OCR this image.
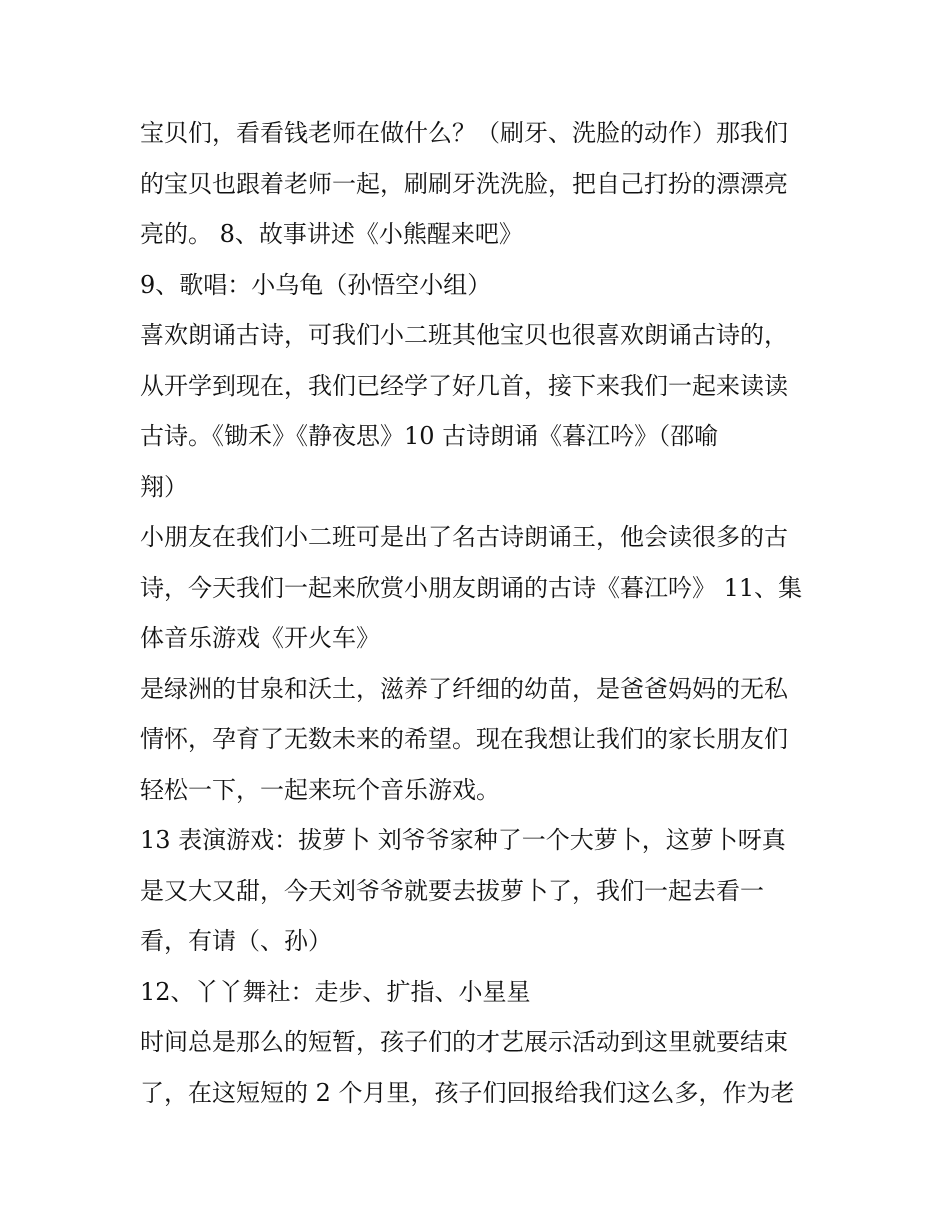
宝贝们，看看钱老师在做什么？（刷牙、洗脸的动作）那我们
的宝贝也跟着老师一起，刷刷牙洗洗脸，把自己打扮的漂漂亮
亮的。 8、故事讲述《小熊醒来吧》

9、歌唱：小乌龟（孙悟空小组）

喜欢朗诵古诗，可我们小二班其他宝贝也很喜欢朗诵古诗的，
从开学到现在，我们已经学了好几首，接下来我们一起来读读
古诗。《锄禾》《静夜思》10 古诗朗诵《暮江吟》（邵喻
翔）

小朋友在我们小二班可是出了名古诗朗诵王，他会读很多的古
诗，今天我们一起来欣赏小朋友朗诵的古诗《暮江吟》 11、集
体音乐游戏《开火车》

是绿洲的甘泉和沃土，滋养了纤细的幼苗，是爸爸妈妈的无私
情怀，孕育了无数未来的希望。现在我想让我们的家长朋友们
轻松一下，一起来玩个音乐游戏。

13 表演游戏：拔萝卜 刘爷爷家种了一个大萝卜，这萝卜呀真
是又大又甜，今天刘爷爷就要去拔萝卜了，我们一起去看一
看，有请（、孙）

12、丫丫舞社：走步、扩指、小星星

时间总是那么的短暂，孩子们的才艺展示活动到这里就要结束
了，在这短短的 2 个月里，孩子们回报给我们这么多，作为老
